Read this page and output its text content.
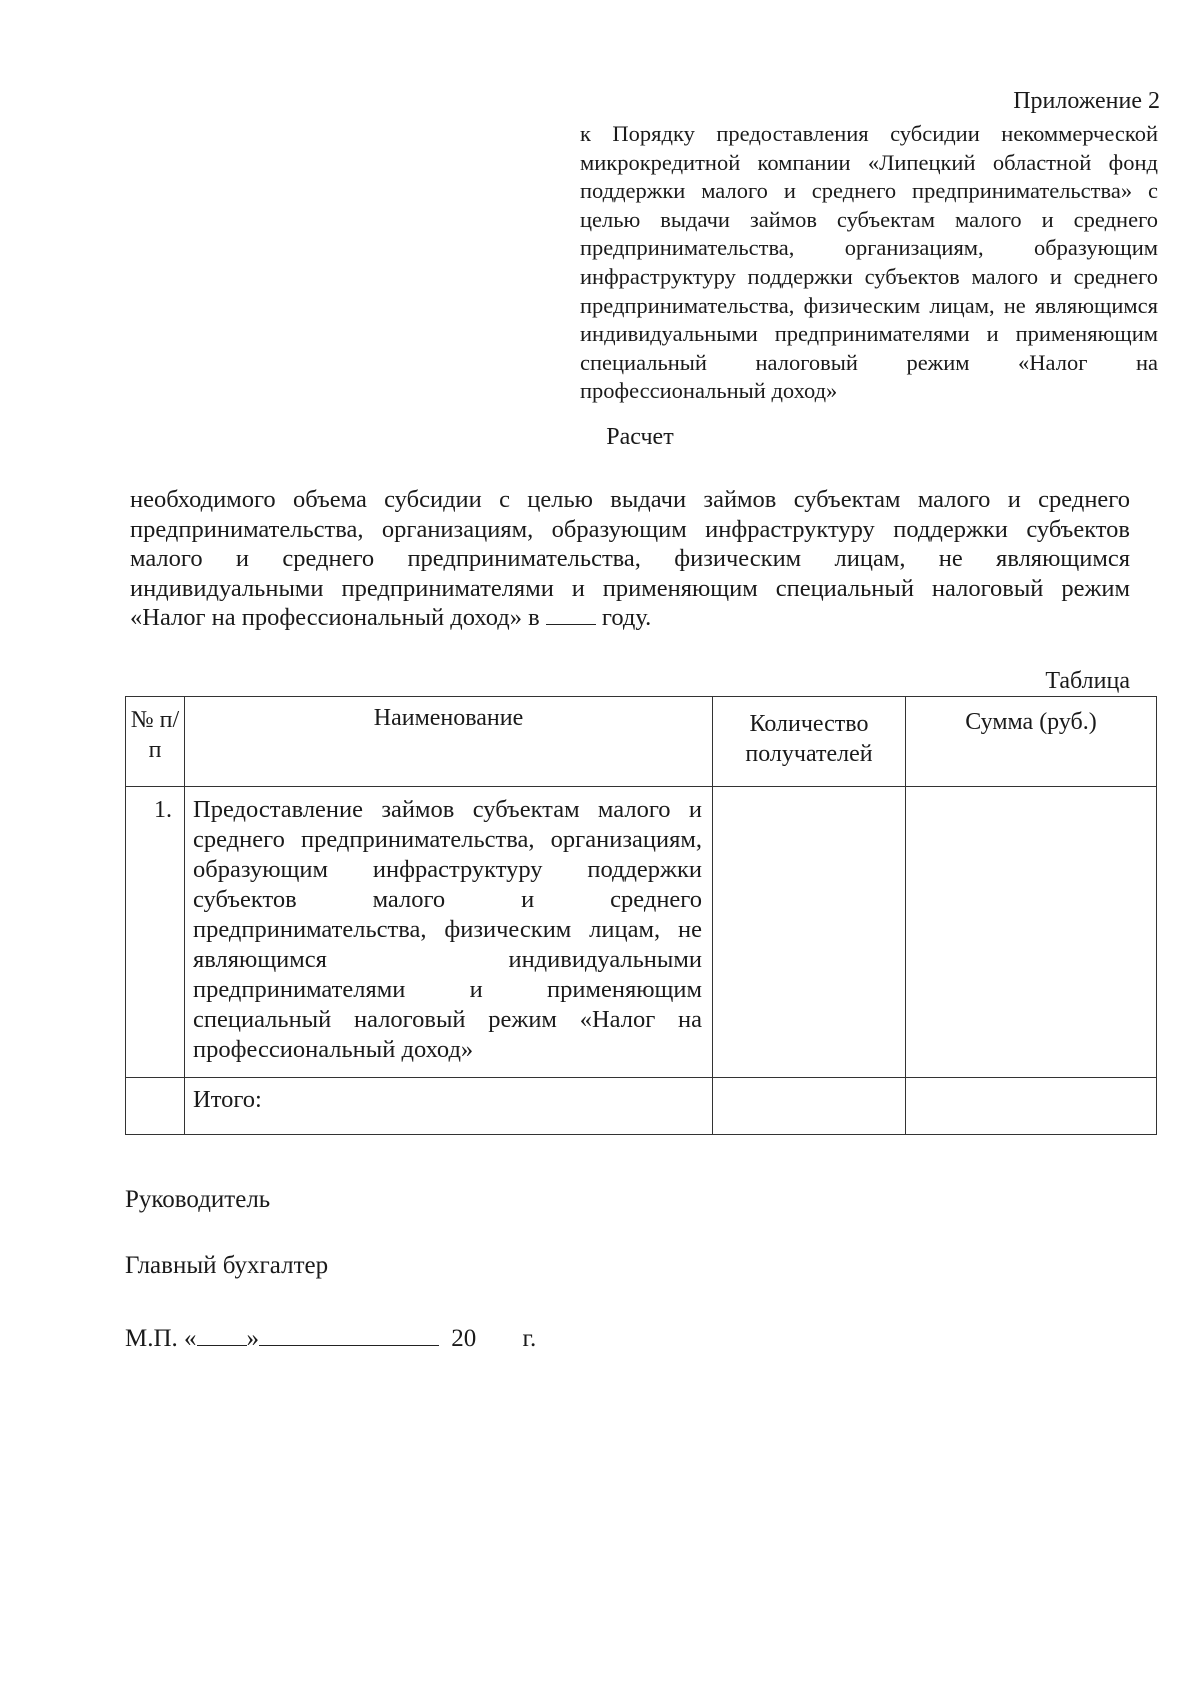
Приложение 2
к Порядку предоставления субсидии некоммерческой микрокредитной компании «Липецкий областной фонд поддержки малого и среднего предпринимательства» с целью выдачи займов субъектам малого и среднего предпринимательства, организациям, образующим инфраструктуру поддержки субъектов малого и среднего предпринимательства, физическим лицам, не являющимся индивидуальными предпринимателями и применяющим специальный налоговый режим «Налог на профессиональный доход»
Расчет
необходимого объема субсидии с целью выдачи займов субъектам малого и среднего предпринимательства, организациям, образующим инфраструктуру поддержки субъектов малого и среднего предпринимательства, физическим лицам, не являющимся индивидуальными предпринимателями и применяющим специальный налоговый режим «Налог на профессиональный доход» в	году.
Таблица
№ п/п	Наименование	Количество получателей	Сумма (руб.)
1.	Предоставление займов субъектам малого и среднего предпринимательства, организациям, образующим инфраструктуру поддержки субъектов малого и среднего предпринимательства, физическим лицам, не являющимся индивидуальными предпринимателями и применяющим специальный налоговый режим «Налог на профессиональный доход»		
	Итого:		
Руководитель
Главный бухгалтер
М.П. « »	20 г.
